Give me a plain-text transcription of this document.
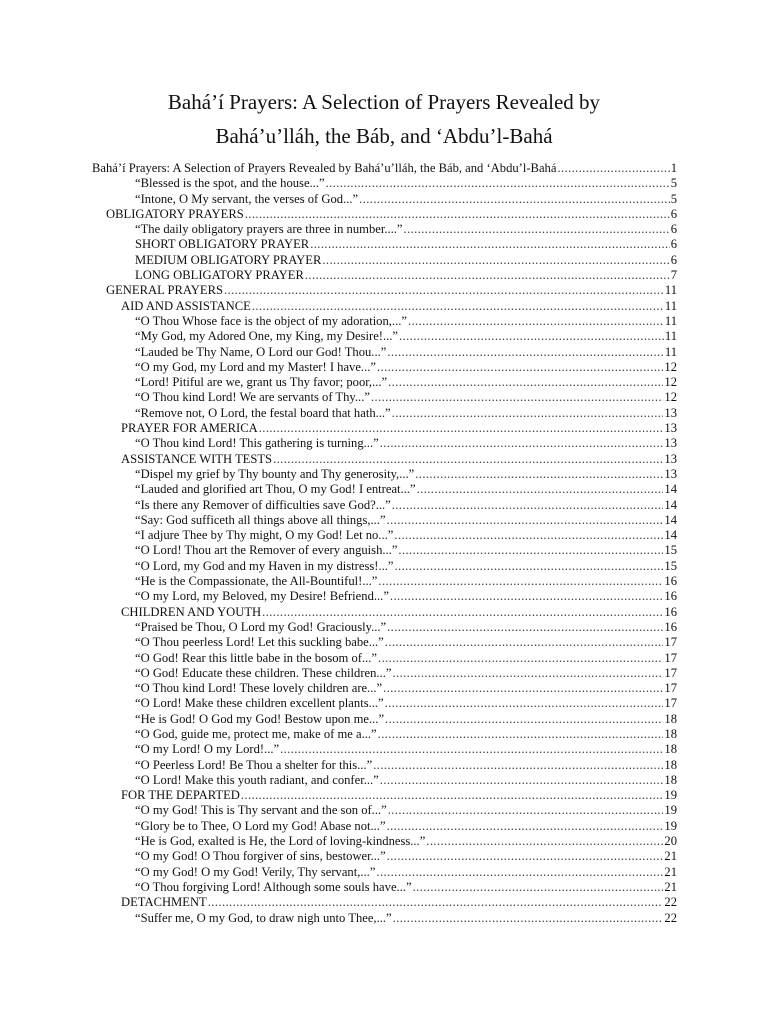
Bahá’í Prayers: A Selection of Prayers Revealed by
Bahá’u’lláh, the Báb, and ‘Abdu’l-Bahá
Bahá’í Prayers: A Selection of Prayers Revealed by Bahá’u’lláh, the Báb, and ‘Abdu’l-Bahá .....	1
“Blessed is the spot, and the house...” .....	5
“Intone, O My servant, the verses of God...” .....	5
OBLIGATORY PRAYERS .....	6
“The daily obligatory prayers are three in number....” .....	6
SHORT OBLIGATORY PRAYER .....	6
MEDIUM OBLIGATORY PRAYER .....	6
LONG OBLIGATORY PRAYER .....	7
GENERAL PRAYERS .....	11
AID AND ASSISTANCE .....	11
“O Thou Whose face is the object of my adoration,...” .....	11
“My God, my Adored One, my King, my Desire!...” .....	11
“Lauded be Thy Name, O Lord our God! Thou...” .....	11
“O my God, my Lord and my Master! I have...” .....	12
“Lord! Pitiful are we, grant us Thy favor; poor,...” .....	12
“O Thou kind Lord! We are servants of Thy...” .....	12
“Remove not, O Lord, the festal board that hath...” .....	13
PRAYER FOR AMERICA .....	13
“O Thou kind Lord! This gathering is turning...” .....	13
ASSISTANCE WITH TESTS .....	13
“Dispel my grief by Thy bounty and Thy generosity,...” .....	13
“Lauded and glorified art Thou, O my God! I entreat...” .....	14
“Is there any Remover of difficulties save God?...” .....	14
“Say: God sufficeth all things above all things,...” .....	14
“I adjure Thee by Thy might, O my God! Let no...” .....	14
“O Lord! Thou art the Remover of every anguish...” .....	15
“O Lord, my God and my Haven in my distress!...” .....	15
“He is the Compassionate, the All-Bountiful!...” .....	16
“O my Lord, my Beloved, my Desire! Befriend...” .....	16
CHILDREN AND YOUTH .....	16
“Praised be Thou, O Lord my God! Graciously...” .....	16
“O Thou peerless Lord! Let this suckling babe...” .....	17
“O God! Rear this little babe in the bosom of...” .....	17
“O God! Educate these children. These children...” .....	17
“O Thou kind Lord! These lovely children are...” .....	17
“O Lord! Make these children excellent plants...” .....	17
“He is God! O God my God! Bestow upon me...” .....	18
“O God, guide me, protect me, make of me a...” .....	18
“O my Lord! O my Lord!...” .....	18
“O Peerless Lord! Be Thou a shelter for this...” .....	18
“O Lord! Make this youth radiant, and confer...” .....	18
FOR THE DEPARTED .....	19
“O my God! This is Thy servant and the son of...” .....	19
“Glory be to Thee, O Lord my God! Abase not...” .....	19
“He is God, exalted is He, the Lord of loving-kindness...” .....	20
“O my God! O Thou forgiver of sins, bestower...” .....	21
“O my God! O my God! Verily, Thy servant,...” .....	21
“O Thou forgiving Lord! Although some souls have...” .....	21
DETACHMENT .....	22
“Suffer me, O my God, to draw nigh unto Thee,...” .....	22
